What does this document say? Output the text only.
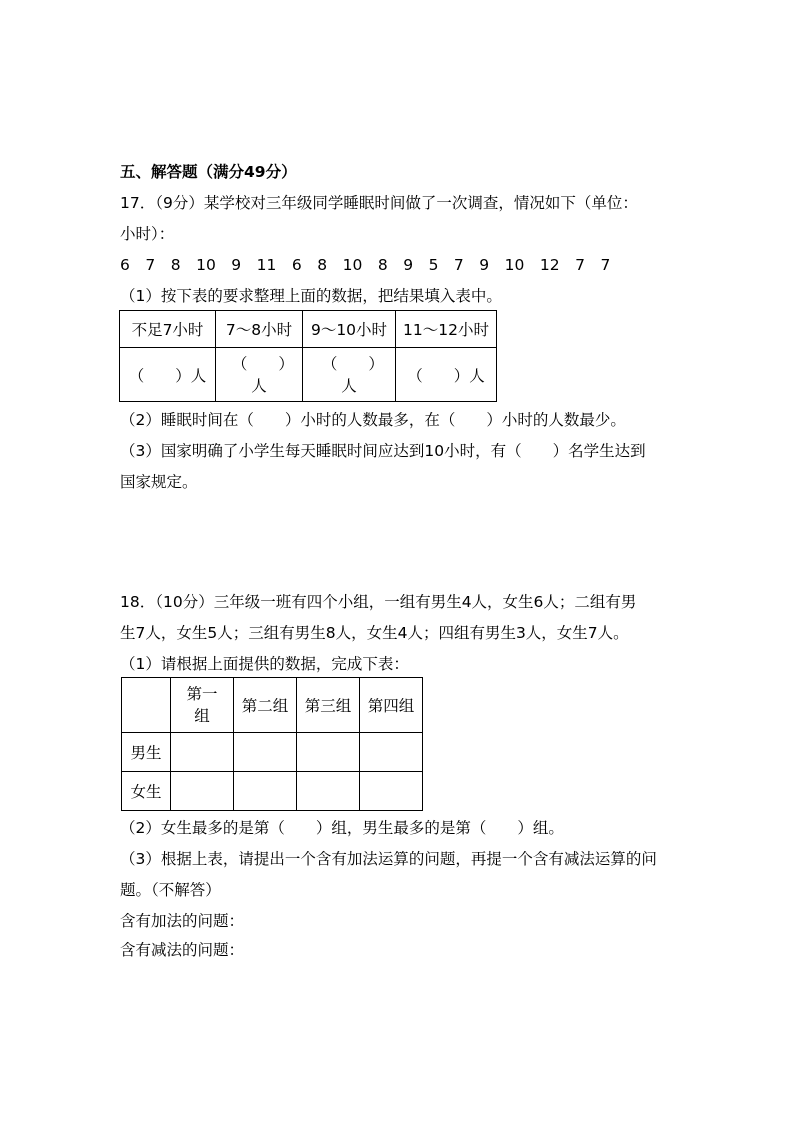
五、解答题（满分49分）
17．（9分）某学校对三年级同学睡眠时间做了一次调查，情况如下（单位：
小时）：
6　7　8　10　9　11　6　8　10　8　9　5　7　9　10　12　7　7
（1）按下表的要求整理上面的数据，把结果填入表中。
不足7小时	7～8小时	9～10小时	11～12小时
（　　）人	（　　）人	（　　）人	（　　）人
（2）睡眠时间在（　　）小时的人数最多，在（　　）小时的人数最少。
（3）国家明确了小学生每天睡眠时间应达到10小时，有（　　）名学生达到
国家规定。
18．（10分）三年级一班有四个小组，一组有男生4人，女生6人；二组有男
生7人，女生5人；三组有男生8人，女生4人；四组有男生3人，女生7人。
（1）请根据上面提供的数据，完成下表：
	第一组	第二组	第三组	第四组
男生				
女生				
（2）女生最多的是第（　　）组，男生最多的是第（　　）组。
（3）根据上表，请提出一个含有加法运算的问题，再提一个含有减法运算的问
题。（不解答）
含有加法的问题：
含有减法的问题：
